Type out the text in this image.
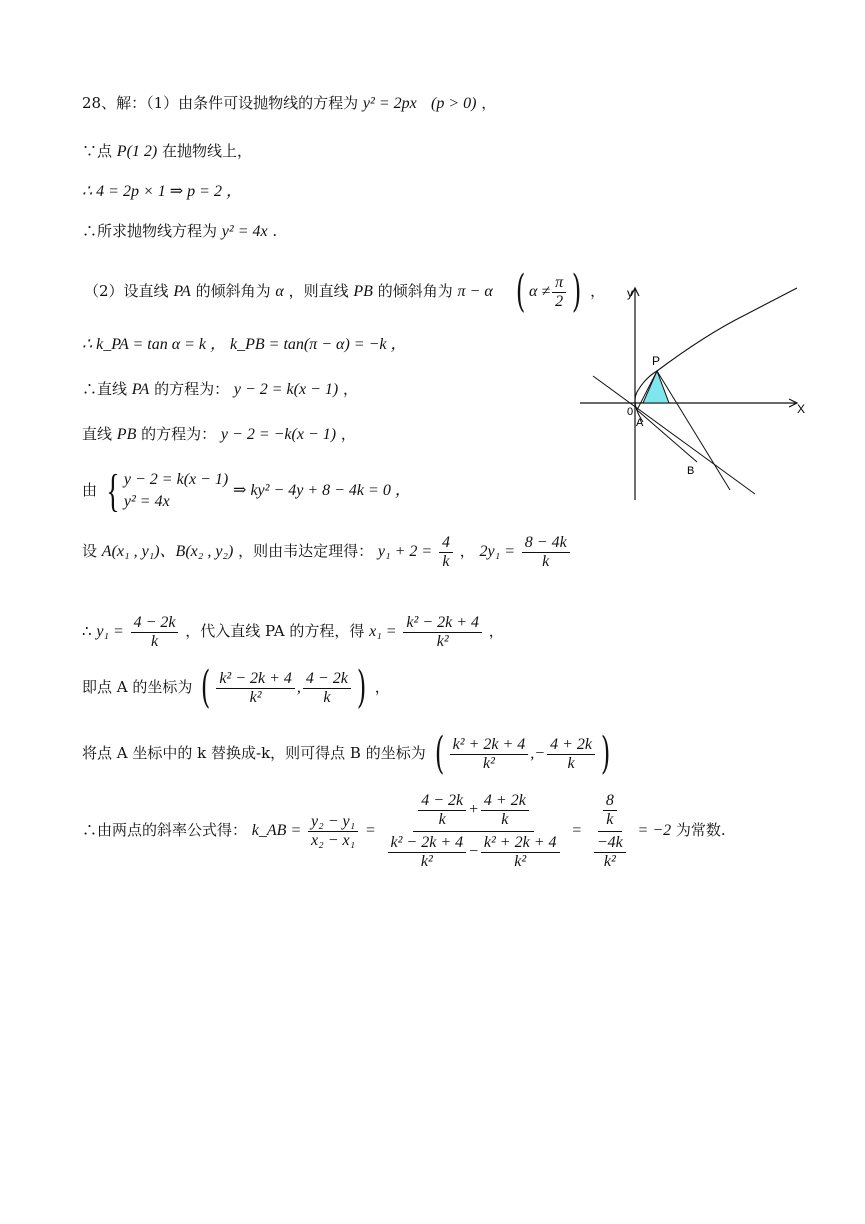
28、解：（1）由条件可设抛物线的方程为 y² = 2px (p > 0) ，
∵点 P(1 2) 在抛物线上，
∴ 4 = 2p × 1 ⇒ p = 2 ，
∴所求抛物线方程为 y² = 4x .
（2）设直线 PA 的倾斜角为 α ，则直线 PB 的倾斜角为 π − α ( $\alpha \ne \frac{\pi}{2}$ ) ，
∴ k_PA = tan α = k ， k_PB = tan(π − α) = −k ，
∴直线 PA 的方程为： y − 2 = k(x − 1) ，
直线 PB 的方程为： y − 2 = −k(x − 1) ，
由 { y − 2 = k(x − 1)
y² = 4x
⇒ ky² − 4y + 8 − 4k = 0 ，
设 A(x₁ , y₁)、B(x₂ , y₂) ，则由韦达定理得： $y_1 + 2 = \frac{4}{k}$ ， $2y_1 = \frac{8 - 4k}{k}$
∴ $y_1 = \frac{4 - 2k}{k}$ ，代入直线 PA 的方程，得 $x_1 = \frac{\text{k² − 2k + 4}}{\text{k²}}$ ，
即点 A 的坐标为 ( $\frac{\text{k² − 2k + 4}}{\text{k²}}$ , $\frac{4 - 2k}{k}$ ) ，
将点 A 坐标中的 k 替换成-k，则可得点 B 的坐标为 ( $\frac{\text{k² + 2k + 4}}{\text{k²}}$ ,− $\frac{4 + 2k}{k}$ )
∴由两点的斜率公式得： k_AB = $\frac{\text{y₂ − y₁}}{\text{x₂ − x₁}} = \frac{\frac{4 - 2k}{k} + \frac{4 + 2k}{k}}{\frac{\text{k² − 2k + 4}}{\text{k²}} - \frac{\text{k² + 2k + 4}}{\text{k²}}} = \frac{\frac{8}{k}}{\frac{-4k}{\text{k²}}} = -2$ 为常数.
y
X
0
P
A
B
